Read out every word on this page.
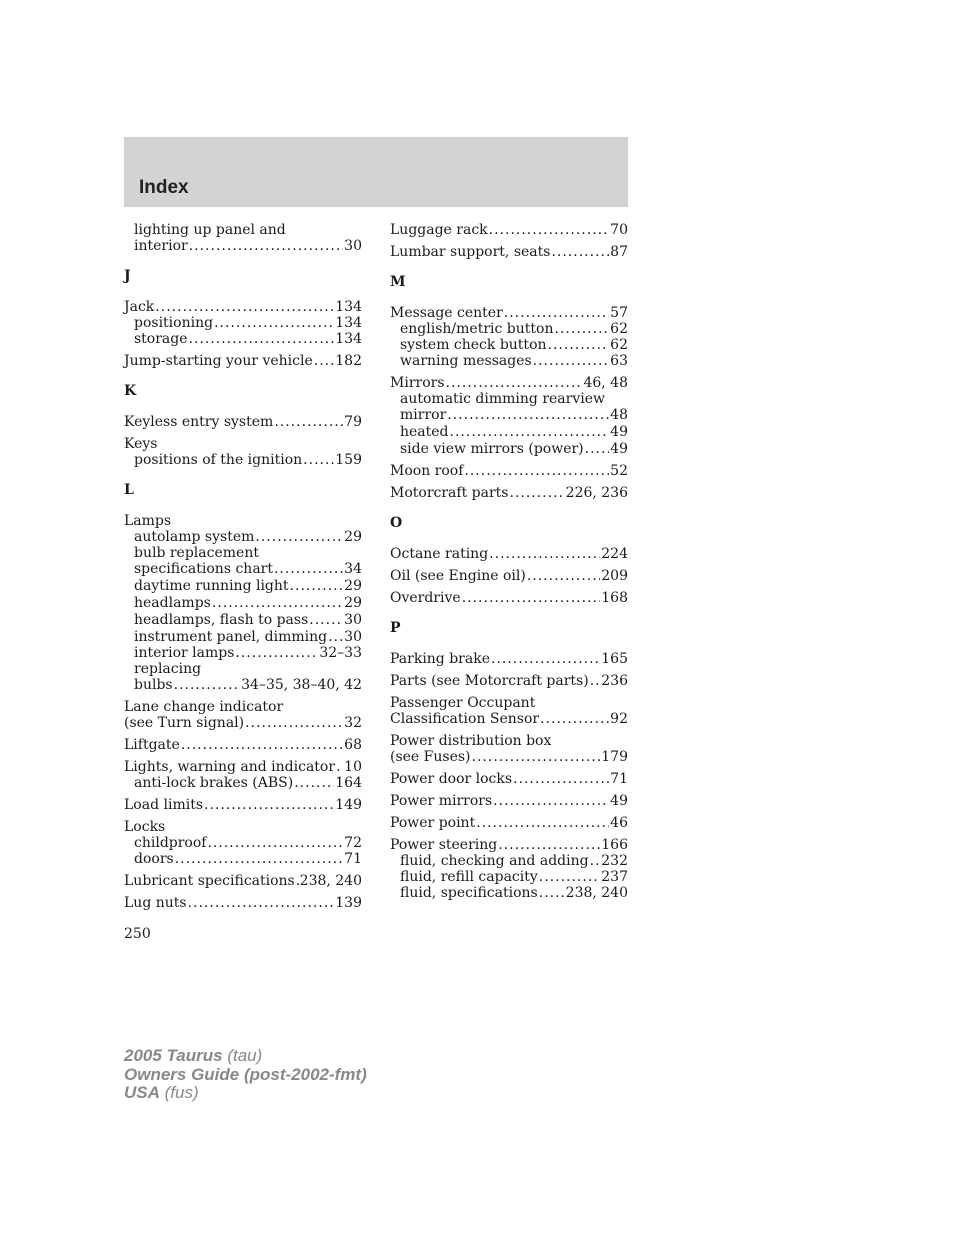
Index
lighting up panel and
interior .....	30
J
Jack .....	134
positioning .....	134
storage .....	134
Jump-starting your vehicle ..... 182
K
Keyless entry system .....	79
Keys
positions of the ignition ..... 159
L
Lamps
autolamp system .....	29
bulb replacement
specifications chart .....	34
daytime running light .....	29
headlamps .....	29
headlamps, flash to pass .....	30
instrument panel, dimming ..... 30
interior lamps .....	32–33
replacing
bulbs .....	34–35, 38–40, 42
Lane change indicator
(see Turn signal) .....	32
Liftgate .....	68
Lights, warning and indicator ..... 10
anti-lock brakes (ABS) .....	164
Load limits .....	149
Locks
childproof .....	72
doors .....	71
Lubricant specifications ..... 238, 240
Lug nuts .....	139
Luggage rack .....	70
Lumbar support, seats .....	87
M
Message center .....	57
english/metric button .....	62
system check button .....	62
warning messages .....	63
Mirrors .....	46, 48
automatic dimming rearview
mirror .....	48
heated .....	49
side view mirrors (power) ..... 49
Moon roof .....	52
Motorcraft parts .....	226, 236
O
Octane rating .....	224
Oil (see Engine oil) .....	209
Overdrive .....	168
P
Parking brake .....	165
Parts (see Motorcraft parts) ..... 236
Passenger Occupant
Classification Sensor .....	92
Power distribution box
(see Fuses) .....	179
Power door locks .....	71
Power mirrors .....	49
Power point .....	46
Power steering .....	166
fluid, checking and adding ..... 232
fluid, refill capacity .....	237
fluid, specifications ..... 238, 240
250
2005 Taurus (tau)
Owners Guide (post-2002-fmt)
USA (fus)
